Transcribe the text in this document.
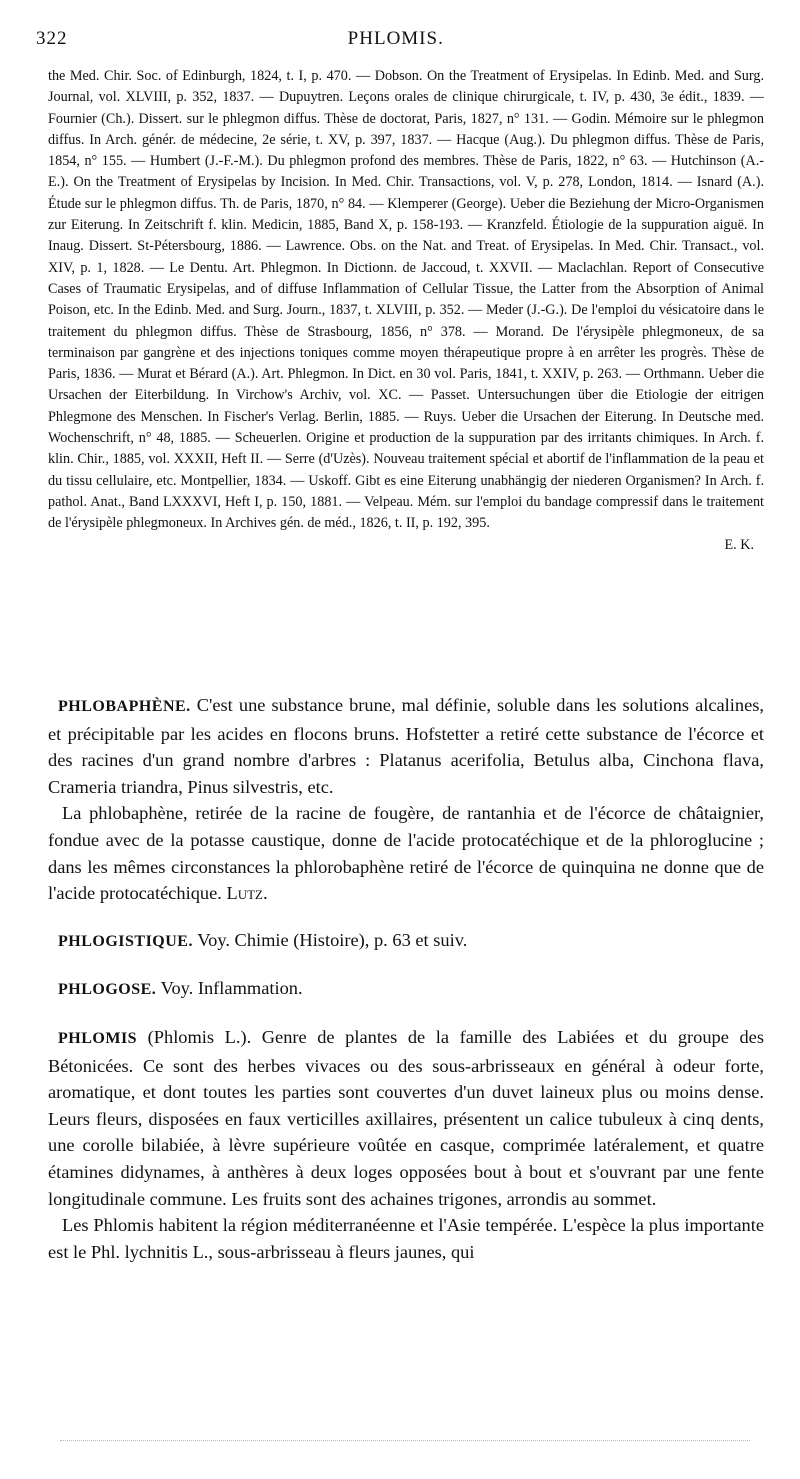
322	PHLOMIS.
the Med. Chir. Soc. of Edinburgh, 1824, t. I, p. 470. — Dobson. On the Treatment of Erysipelas. In Edinb. Med. and Surg. Journal, vol. XLVIII, p. 352, 1837. — Dupuytren. Leçons orales de clinique chirurgicale, t. IV, p. 430, 3e édit., 1839. — Fournier (Ch.). Dissert. sur le phlegmon diffus. Thèse de doctorat, Paris, 1827, n° 131. — Godin. Mémoire sur le phlegmon diffus. In Arch. génér. de médecine, 2e série, t. XV, p. 397, 1837. — Hacque (Aug.). Du phlegmon diffus. Thèse de Paris, 1854, n° 155. — Humbert (J.-F.-M.). Du phlegmon profond des membres. Thèse de Paris, 1822, n° 63. — Hutchinson (A.-E.). On the Treatment of Erysipelas by Incision. In Med. Chir. Transactions, vol. V, p. 278, London, 1814. — Isnard (A.). Étude sur le phlegmon diffus. Th. de Paris, 1870, n° 84. — Klemperer (George). Ueber die Beziehung der Micro-Organismen zur Eiterung. In Zeitschrift f. klin. Medicin, 1885, Band X, p. 158-193. — Kranzfeld. Étiologie de la suppuration aiguë. In Inaug. Dissert. St-Pétersbourg, 1886. — Lawrence. Obs. on the Nat. and Treat. of Erysipelas. In Med. Chir. Transact., vol. XIV, p. 1, 1828. — Le Dentu. Art. Phlegmon. In Dictionn. de Jaccoud, t. XXVII. — Maclachlan. Report of Consecutive Cases of Traumatic Erysipelas, and of diffuse Inflammation of Cellular Tissue, the Latter from the Absorption of Animal Poison, etc. In the Edinb. Med. and Surg. Journ., 1837, t. XLVIII, p. 352. — Meder (J.-G.). De l'emploi du vésicatoire dans le traitement du phlegmon diffus. Thèse de Strasbourg, 1856, n° 378. — Morand. De l'érysipèle phlegmoneux, de sa terminaison par gangrène et des injections toniques comme moyen thérapeutique propre à en arrêter les progrès. Thèse de Paris, 1836. — Murat et Bérard (A.). Art. Phlegmon. In Dict. en 30 vol. Paris, 1841, t. XXIV, p. 263. — Orthmann. Ueber die Ursachen der Eiterbildung. In Virchow's Archiv, vol. XC. — Passet. Untersuchungen über die Etiologie der eitrigen Phlegmone des Menschen. In Fischer's Verlag. Berlin, 1885. — Ruys. Ueber die Ursachen der Eiterung. In Deutsche med. Wochenschrift, n° 48, 1885. — Scheuerlen. Origine et production de la suppuration par des irritants chimiques. In Arch. f. klin. Chir., 1885, vol. XXXII, Heft II. — Serre (d'Uzès). Nouveau traitement spécial et abortif de l'inflammation de la peau et du tissu cellulaire, etc. Montpellier, 1834. — Uskoff. Gibt es eine Eiterung unabhängig der niederen Organismen? In Arch. f. pathol. Anat., Band LXXXVI, Heft I, p. 150, 1881. — Velpeau. Mém. sur l'emploi du bandage compressif dans le traitement de l'érysipèle phlegmoneux. In Archives gén. de méd., 1826, t. II, p. 192, 395.
E. K.

PHLOBAPHÈNE. C'est une substance brune, mal définie, soluble dans les solutions alcalines, et précipitable par les acides en flocons bruns. Hofstetter a retiré cette substance de l'écorce et des racines d'un grand nombre d'arbres : Platanus acerifolia, Betulus alba, Cinchona flava, Crameria triandra, Pinus silvestris, etc.

La phlobaphène, retirée de la racine de fougère, de rantanhia et de l'écorce de châtaignier, fondue avec de la potasse caustique, donne de l'acide protocatéchique et de la phloroglucine ; dans les mêmes circonstances la phlorobaphène retiré de l'écorce de quinquina ne donne que de l'acide protocatéchique. Lutz.

PHLOGISTIQUE. Voy. Chimie (Histoire), p. 63 et suiv.

PHLOGOSE. Voy. Inflammation.

PHLOMIS (Phlomis L.). Genre de plantes de la famille des Labiées et du groupe des Bétonicées. Ce sont des herbes vivaces ou des sous-arbrisseaux en général à odeur forte, aromatique, et dont toutes les parties sont couvertes d'un duvet laineux plus ou moins dense. Leurs fleurs, disposées en faux verticilles axillaires, présentent un calice tubuleux à cinq dents, une corolle bilabiée, à lèvre supérieure voûtée en casque, comprimée latéralement, et quatre étamines didynames, à anthères à deux loges opposées bout à bout et s'ouvrant par une fente longitudinale commune. Les fruits sont des achaines trigones, arrondis au sommet.

Les Phlomis habitent la région méditerranéenne et l'Asie tempérée. L'espèce la plus importante est le Phl. lychnitis L., sous-arbrisseau à fleurs jaunes, qui
